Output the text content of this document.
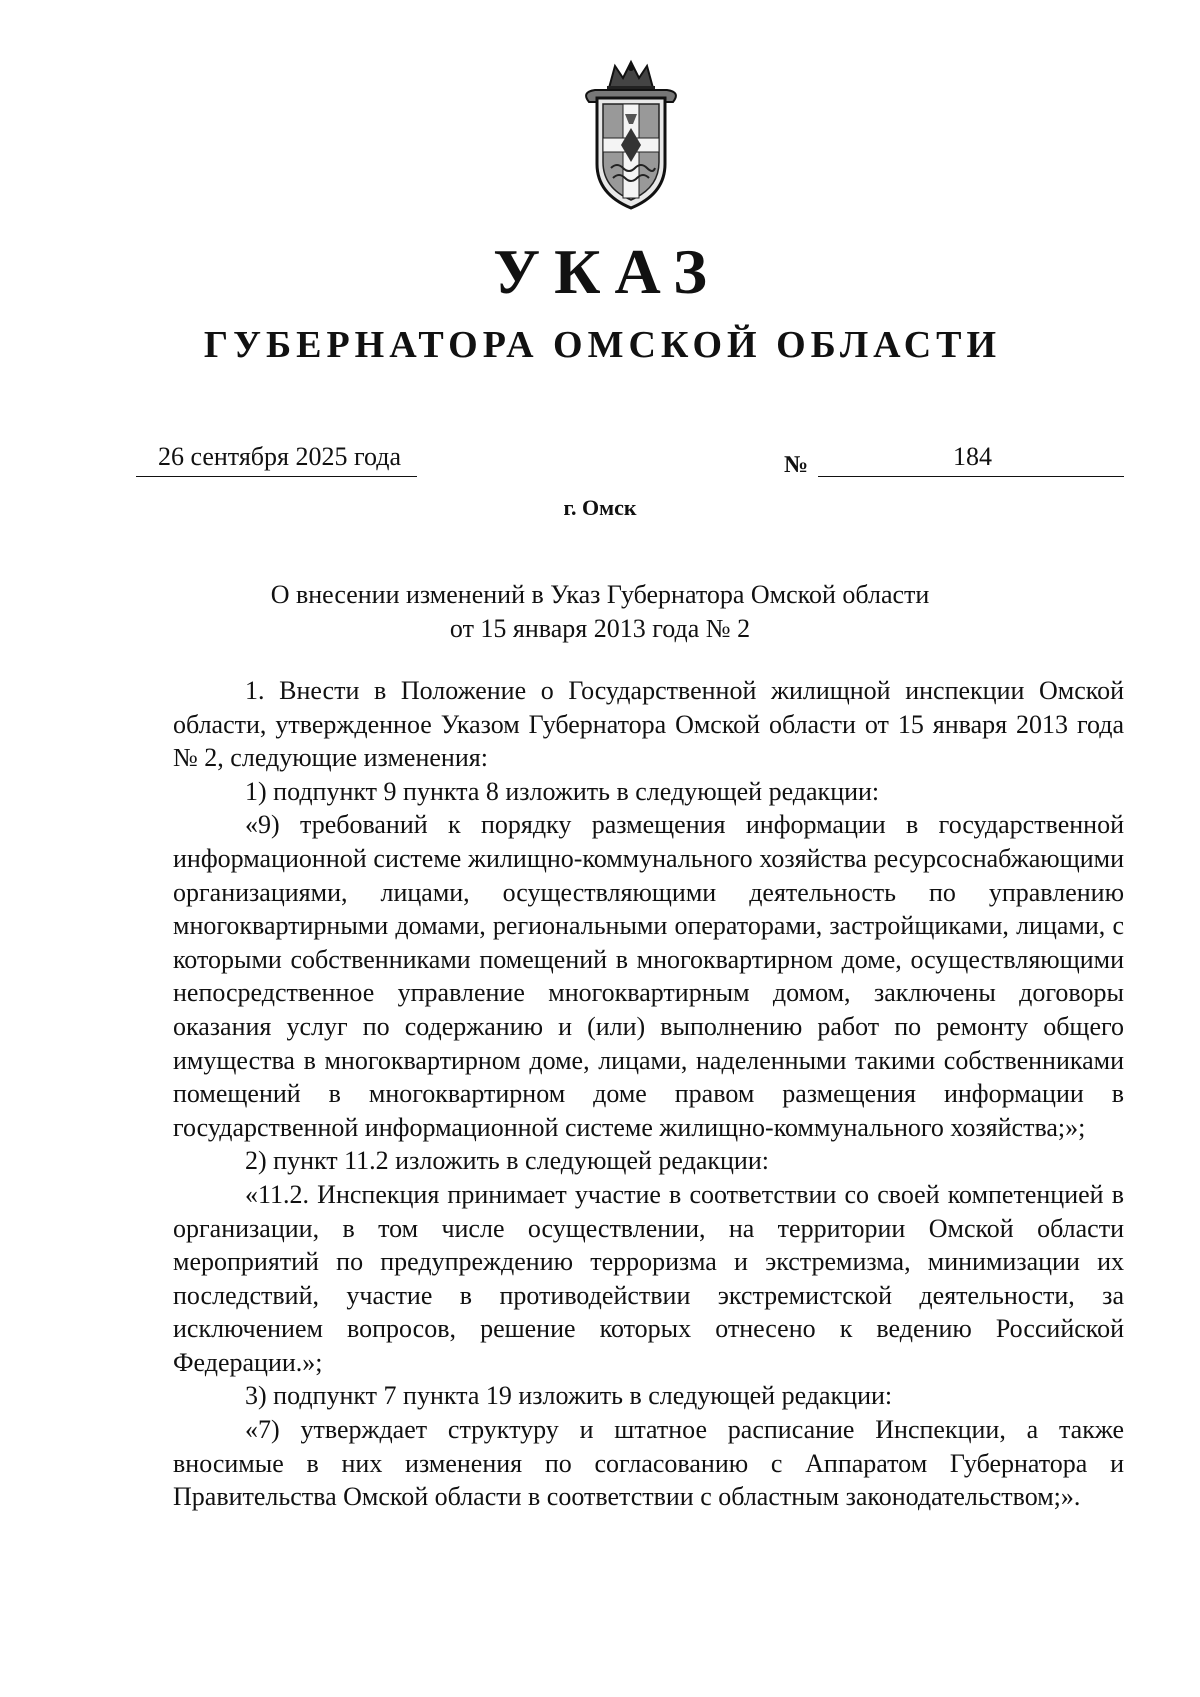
УКАЗ
ГУБЕРНАТОРА ОМСКОЙ ОБЛАСТИ
26 сентября 2025 года	№	184
г. Омск
О внесении изменений в Указ Губернатора Омской области
от 15 января 2013 года № 2

1. Внести в Положение о Государственной жилищной инспекции Омской области, утвержденное Указом Губернатора Омской области от 15 января 2013 года № 2, следующие изменения:

1) подпункт 9 пункта 8 изложить в следующей редакции:

«9) требований к порядку размещения информации в государственной информационной системе жилищно-коммунального хозяйства ресурсоснабжающими организациями, лицами, осуществляющими деятельность по управлению многоквартирными домами, региональными операторами, застройщиками, лицами, с которыми собственниками помещений в многоквартирном доме, осуществляющими непосредственное управление многоквартирным домом, заключены договоры оказания услуг по содержанию и (или) выполнению работ по ремонту общего имущества в многоквартирном доме, лицами, наделенными такими собственниками помещений в многоквартирном доме правом размещения информации в государственной информационной системе жилищно-коммунального хозяйства;»;

2) пункт 11.2 изложить в следующей редакции:

«11.2. Инспекция принимает участие в соответствии со своей компетенцией в организации, в том числе осуществлении, на территории Омской области мероприятий по предупреждению терроризма и экстремизма, минимизации их последствий, участие в противодействии экстремистской деятельности, за исключением вопросов, решение которых отнесено к ведению Российской Федерации.»;

3) подпункт 7 пункта 19 изложить в следующей редакции:

«7) утверждает структуру и штатное расписание Инспекции, а также вносимые в них изменения по согласованию с Аппаратом Губернатора и Правительства Омской области в соответствии с областным законодательством;».
